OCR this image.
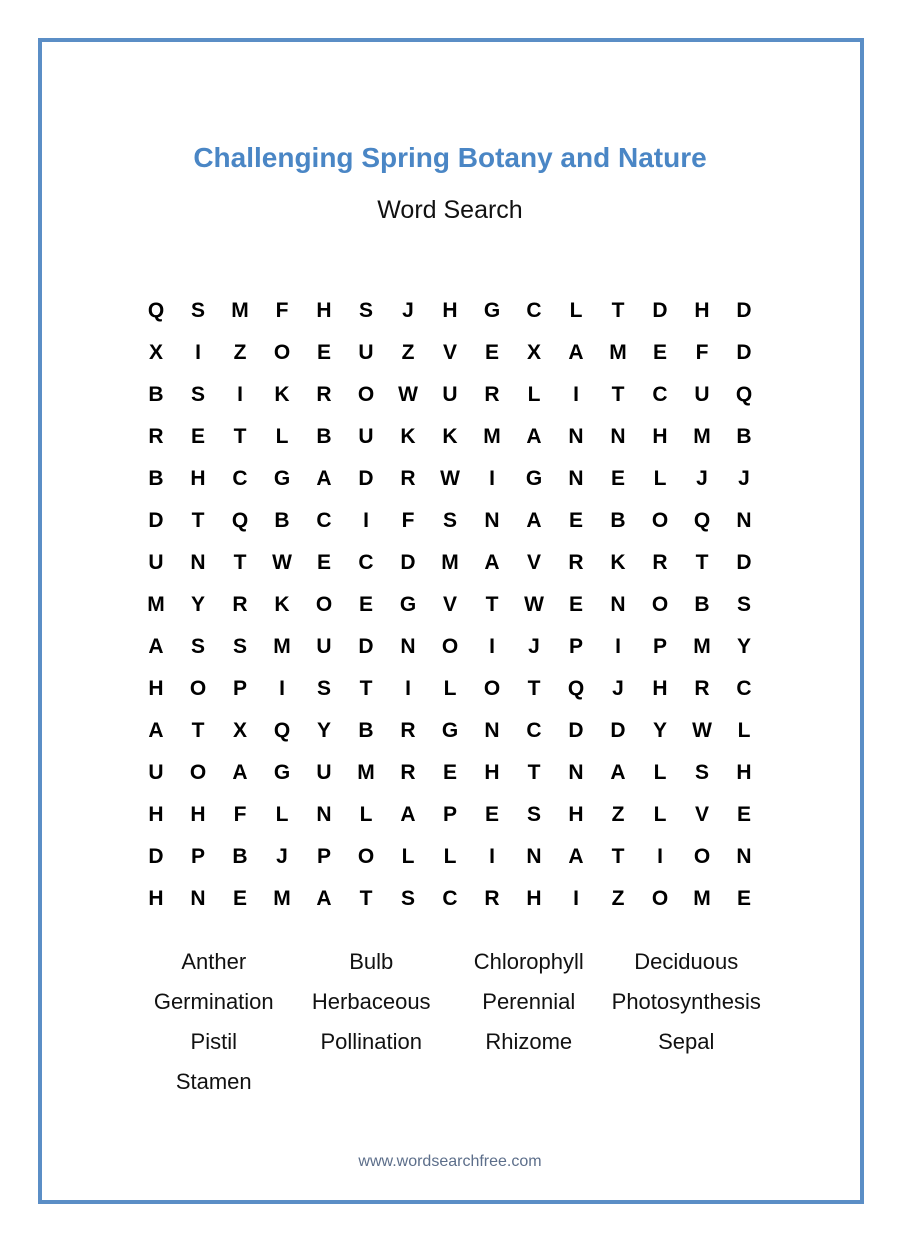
Challenging Spring Botany and Nature
Word Search
Q	S	M	F	H	S	J	H	G	C	L	T	D	H	D
X	I	Z	O	E	U	Z	V	E	X	A	M	E	F	D
B	S	I	K	R	O	W	U	R	L	I	T	C	U	Q
R	E	T	L	B	U	K	K	M	A	N	N	H	M	B
B	H	C	G	A	D	R	W	I	G	N	E	L	J	J
D	T	Q	B	C	I	F	S	N	A	E	B	O	Q	N
U	N	T	W	E	C	D	M	A	V	R	K	R	T	D
M	Y	R	K	O	E	G	V	T	W	E	N	O	B	S
A	S	S	M	U	D	N	O	I	J	P	I	P	M	Y
H	O	P	I	S	T	I	L	O	T	Q	J	H	R	C
A	T	X	Q	Y	B	R	G	N	C	D	D	Y	W	L
U	O	A	G	U	M	R	E	H	T	N	A	L	S	H
H	H	F	L	N	L	A	P	E	S	H	Z	L	V	E
D	P	B	J	P	O	L	L	I	N	A	T	I	O	N
H	N	E	M	A	T	S	C	R	H	I	Z	O	M	E
Anther	Bulb	Chlorophyll	Deciduous
Germination	Herbaceous	Perennial	Photosynthesis
Pistil	Pollination	Rhizome	Sepal
Stamen
www.wordsearchfree.com
